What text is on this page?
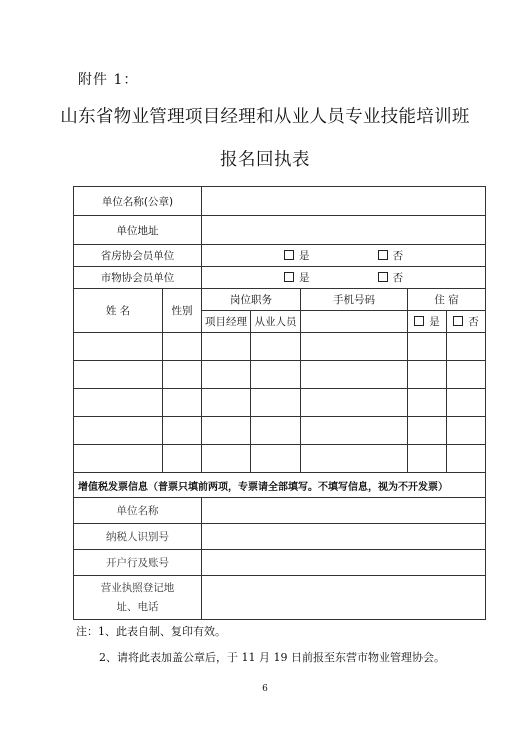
附件 1：
山东省物业管理项目经理和从业人员专业技能培训班
报名回执表
单位名称(公章)						
单位地址						
省房协会员单位		是 否				

市物协会员单位		是 否				

姓 名	性别	岗位职务		手机号码	住 宿	
		项目经理	从业人员		是	否

增值税发票信息（普票只填前两项，专票请全部填写。不填写信息，视为不开发票）						
单位名称						
纳税人识别号						
开户行及账号						

营业执照登记地
址、电话						

注：1、此表自制、复印有效。
2、请将此表加盖公章后，于 11 月 19 日前报至东营市物业管理协会。
6
